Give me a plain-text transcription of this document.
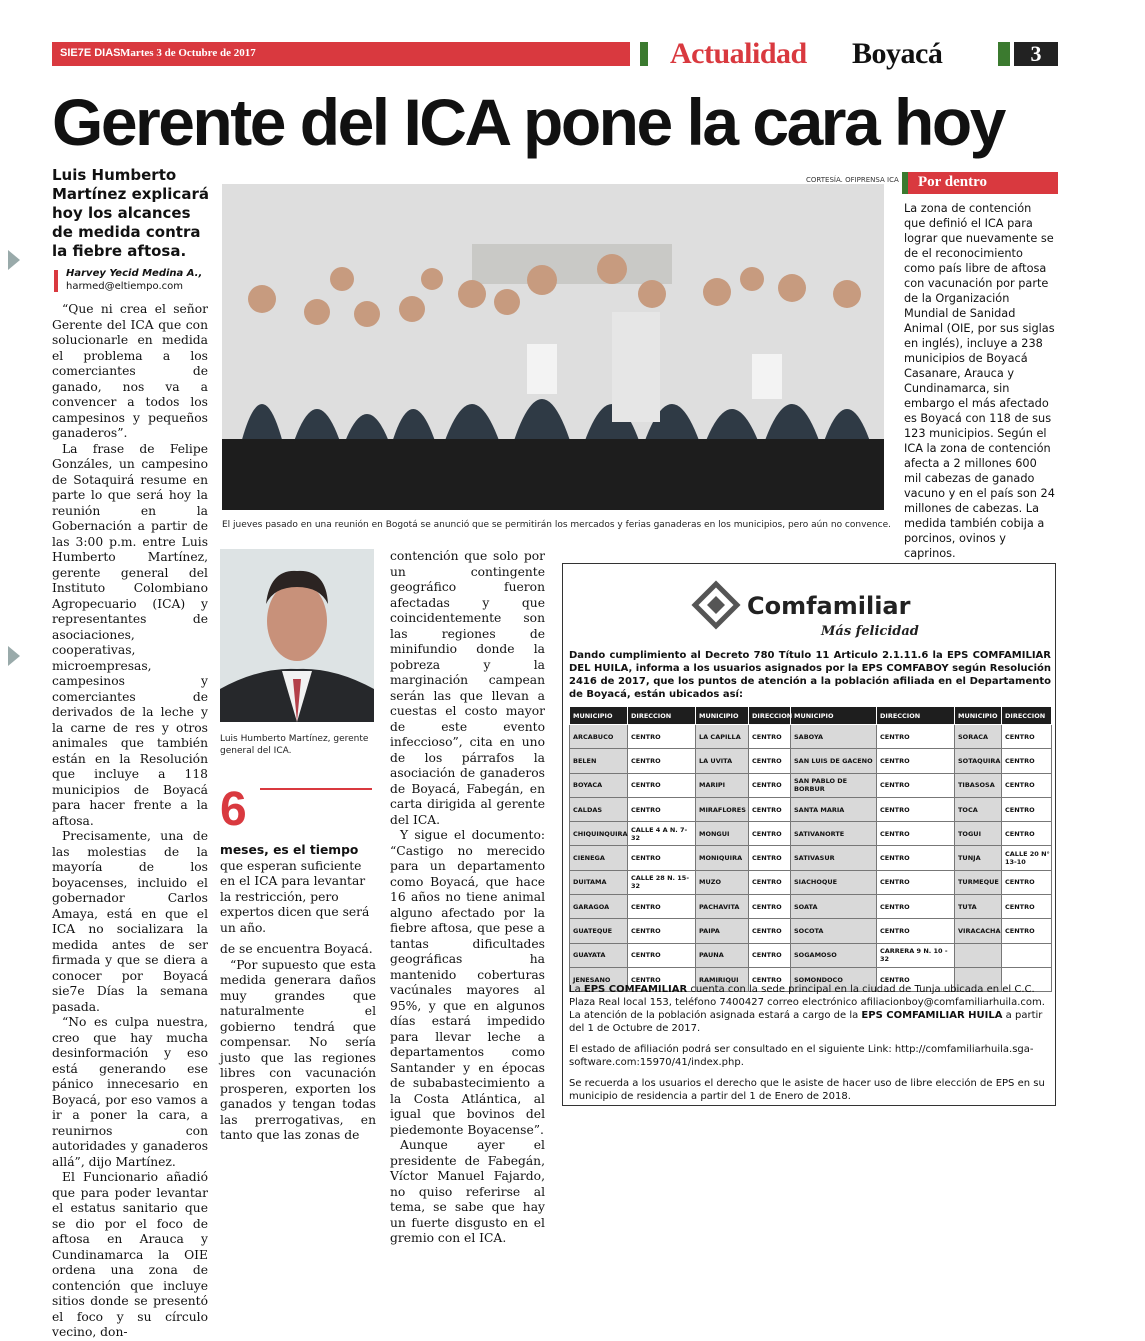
SIE7E DIAS Martes 3 de Octubre de 2017	Actualidad Boyacá	3
Gerente del ICA pone la cara hoy
Luis Humberto Martínez explicará hoy los alcances de medida contra la fiebre aftosa.
Harvey Yecid Medina A.,
harmed@eltiempo.com

“Que ni crea el señor Gerente del ICA que con solucionarle en medida el problema a los comerciantes de ganado, nos va a convencer a todos los campesinos y pequeños ganaderos”.

La frase de Felipe Gonzáles, un campesino de Sotaquirá resume en parte lo que será hoy la reunión en la Gobernación a partir de las 3:00 p.m. entre Luis Humberto Martínez, gerente general del Instituto Colombiano Agropecuario (ICA) y representantes de asociaciones, cooperativas, microempresas, campesinos y comerciantes de derivados de la leche y la carne de res y otros animales que también están en la Resolución que incluye a 118 municipios de Boyacá para hacer frente a la aftosa.

Precisamente, una de las molestias de la mayoría de los boyacenses, incluido el gobernador Carlos Amaya, está en que el ICA no socializara la medida antes de ser firmada y que se diera a conocer por Boyacá sie7e Días la semana pasada.

“No es culpa nuestra, creo que hay mucha desinformación y eso está generando ese pánico innecesario en Boyacá, por eso vamos a ir a poner la cara, a reunirnos con autoridades y ganaderos allá”, dijo Martínez.

El Funcionario añadió que para poder levantar el estatus sanitario que se dio por el foco de aftosa en Arauca y Cundinamarca la OIE ordena una zona de contención que incluye sitios donde se presentó el foco y su círculo vecino, don-

CORTESÍA. OFIPRENSA ICA
El jueves pasado en una reunión en Bogotá se anunció que se permitirán los mercados y ferias ganaderas en los municipios, pero aún no convence.
Por dentro
La zona de contención que definió el ICA para lograr que nuevamente se de el reconocimiento como país libre de aftosa con vacunación por parte de la Organización Mundial de Sanidad Animal (OIE, por sus siglas en inglés), incluye a 238 municipios de Boyacá Casanare, Arauca y Cundinamarca, sin embargo el más afectado es Boyacá con 118 de sus 123 municipios. Según el ICA la zona de contención afecta a 2 millones 600 mil cabezas de ganado vacuno y en el país son 24 millones de cabezas. La medida también cobija a porcinos, ovinos y caprinos.
Luis Humberto Martínez, gerente general del ICA.
6
meses, es el tiempo que esperan suficiente en el ICA para levantar la restricción, pero expertos dicen que será un año.

de se encuentra Boyacá.

“Por supuesto que esta medida generara daños muy grandes que naturalmente el gobierno tendrá que compensar. No sería justo que las regiones libres con vacunación prosperen, exporten los ganados y tengan todas las prerrogativas, en tanto que las zonas de

contención que solo por un contingente geográfico fueron afectadas y que coincidentemente son las regiones de minifundio donde la pobreza y la marginación campean serán las que llevan a cuestas el costo mayor de este evento infeccioso”, cita en uno de los párrafos la asociación de ganaderos de Boyacá, Fabegán, en carta dirigida al gerente del ICA.

Y sigue el documento: “Castigo no merecido para un departamento como Boyacá, que hace 16 años no tiene animal alguno afectado por la fiebre aftosa, que pese a tantas dificultades geográficas ha mantenido coberturas vacúnales mayores al 95%, y que en algunos días estará impedido para llevar leche a departamentos como Santander y en épocas de subabastecimiento a la Costa Atlántica, al igual que bovinos del piedemonte Boyacense”.

Aunque ayer el presidente de Fabegán, Víctor Manuel Fajardo, no quiso referirse al tema, se sabe que hay un fuerte disgusto en el gremio con el ICA.

Comfamiliar
Más felicidad
Dando cumplimiento al Decreto 780 Título 11 Articulo 2.1.11.6 la EPS COMFAMILIAR DEL HUILA, informa a los usuarios asignados por la EPS COMFABOY según Resolución 2416 de 2017, que los puntos de atención a la población afiliada en el Departamento de Boyacá, están ubicados así:
MUNICIPIO	DIRECCION	MUNICIPIO	DIRECCION	MUNICIPIO	DIRECCION	MUNICIPIO	DIRECCION
ARCABUCO	CENTRO	LA CAPILLA	CENTRO	SABOYA	CENTRO	SORACA	CENTRO
BELEN	CENTRO	LA UVITA	CENTRO	SAN LUIS DE GACENO	CENTRO	SOTAQUIRA	CENTRO
BOYACA	CENTRO	MARIPI	CENTRO	SAN PABLO DE BORBUR	CENTRO	TIBASOSA	CENTRO
CALDAS	CENTRO	MIRAFLORES	CENTRO	SANTA MARIA	CENTRO	TOCA	CENTRO
CHIQUINQUIRA	CALLE 4 A N. 7-32	MONGUI	CENTRO	SATIVANORTE	CENTRO	TOGUI	CENTRO
CIENEGA	CENTRO	MONIQUIRA	CENTRO	SATIVASUR	CENTRO	TUNJA	CALLE 20 N° 13-10
DUITAMA	CALLE 28 N. 15-32	MUZO	CENTRO	SIACHOQUE	CENTRO	TURMEQUE	CENTRO
GARAGOA	CENTRO	PACHAVITA	CENTRO	SOATA	CENTRO	TUTA	CENTRO
GUATEQUE	CENTRO	PAIPA	CENTRO	SOCOTA	CENTRO	VIRACACHA	CENTRO
GUAYATA	CENTRO	PAUNA	CENTRO	SOGAMOSO	CARRERA 9 N. 10 - 32		
JENESANO	CENTRO	RAMIRIQUI	CENTRO	SOMONDOCO	CENTRO		

La EPS COMFAMILIAR cuenta con la sede principal en la ciudad de Tunja ubicada en el C.C. Plaza Real local 153, teléfono 7400427 correo electrónico afiliacionboy@comfamiliarhuila.com.

La atención de la población asignada estará a cargo de la EPS COMFAMILIAR HUILA a partir del 1 de Octubre de 2017.

El estado de afiliación podrá ser consultado en el siguiente Link: http://comfamiliarhuila.sga-software.com:15970/41/index.php.

Se recuerda a los usuarios el derecho que le asiste de hacer uso de libre elección de EPS en su municipio de residencia a partir del 1 de Enero de 2018.
